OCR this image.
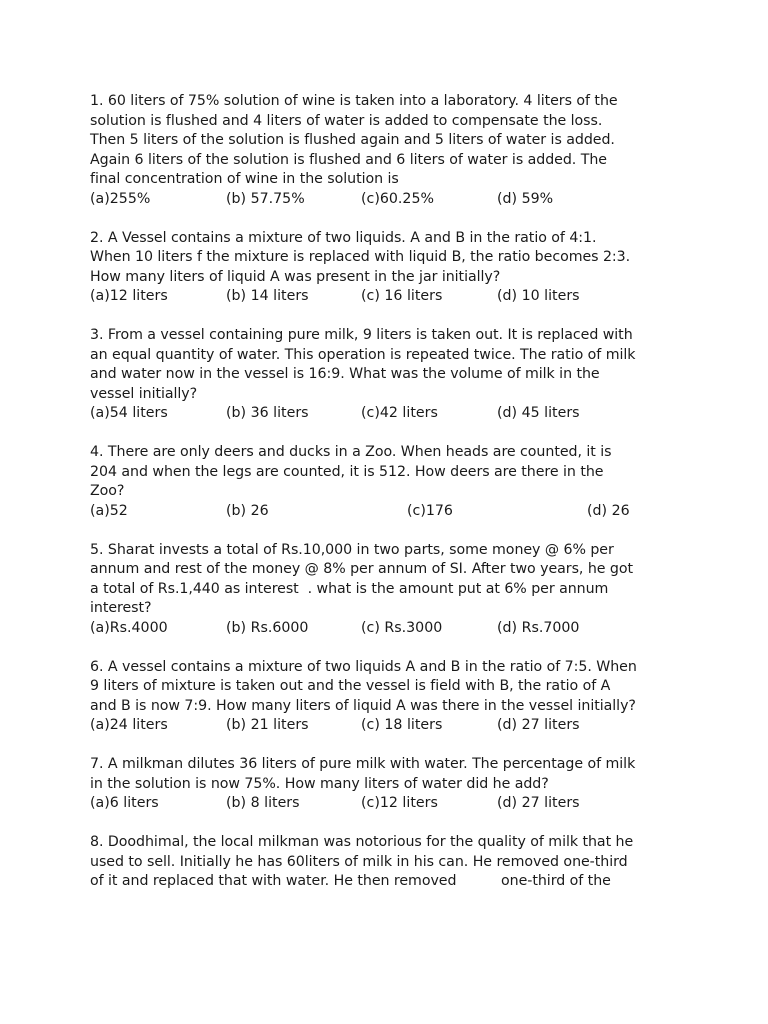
1. 60 liters of 75% solution of wine is taken into a laboratory. 4 liters of the
solution is flushed and 4 liters of water is added to compensate the loss.
Then 5 liters of the solution is flushed again and 5 liters of water is added.
Again 6 liters of the solution is flushed and 6 liters of water is added. The
final concentration of wine in the solution is
(a)255%	(b) 57.75%	(c)60.25%	(d) 59%
2. A Vessel contains a mixture of two liquids. A and B in the ratio of 4:1.
When 10 liters f the mixture is replaced with liquid B, the ratio becomes 2:3.
How many liters of liquid A was present in the jar initially?
(a)12 liters	(b) 14 liters	(c) 16 liters	(d) 10 liters
3. From a vessel containing pure milk, 9 liters is taken out. It is replaced with
an equal quantity of water. This operation is repeated twice. The ratio of milk
and water now in the vessel is 16:9. What was the volume of milk in the
vessel initially?
(a)54 liters	(b) 36 liters	(c)42 liters	(d) 45 liters
4. There are only deers and ducks in a Zoo. When heads are counted, it is
204 and when the legs are counted, it is 512. How deers are there in the
Zoo?
(a)52	(b) 26	(c)176	(d) 26
5. Sharat invests a total of Rs.10,000 in two parts, some money @ 6% per
annum and rest of the money @ 8% per annum of SI. After two years, he got
a total of Rs.1,440 as interest  . what is the amount put at 6% per annum
interest?
(a)Rs.4000	(b) Rs.6000	(c) Rs.3000	(d) Rs.7000
6. A vessel contains a mixture of two liquids A and B in the ratio of 7:5. When
9 liters of mixture is taken out and the vessel is field with B, the ratio of A
and B is now 7:9. How many liters of liquid A was there in the vessel initially?
(a)24 liters	(b) 21 liters	(c) 18 liters	(d) 27 liters
7. A milkman dilutes 36 liters of pure milk with water. The percentage of milk
in the solution is now 75%. How many liters of water did he add?
(a)6 liters	(b) 8 liters	(c)12 liters	(d) 27 liters
8. Doodhimal, the local milkman was notorious for the quality of milk that he
used to sell. Initially he has 60liters of milk in his can. He removed one-third
of it and replaced that with water. He then removed          one-third of the
